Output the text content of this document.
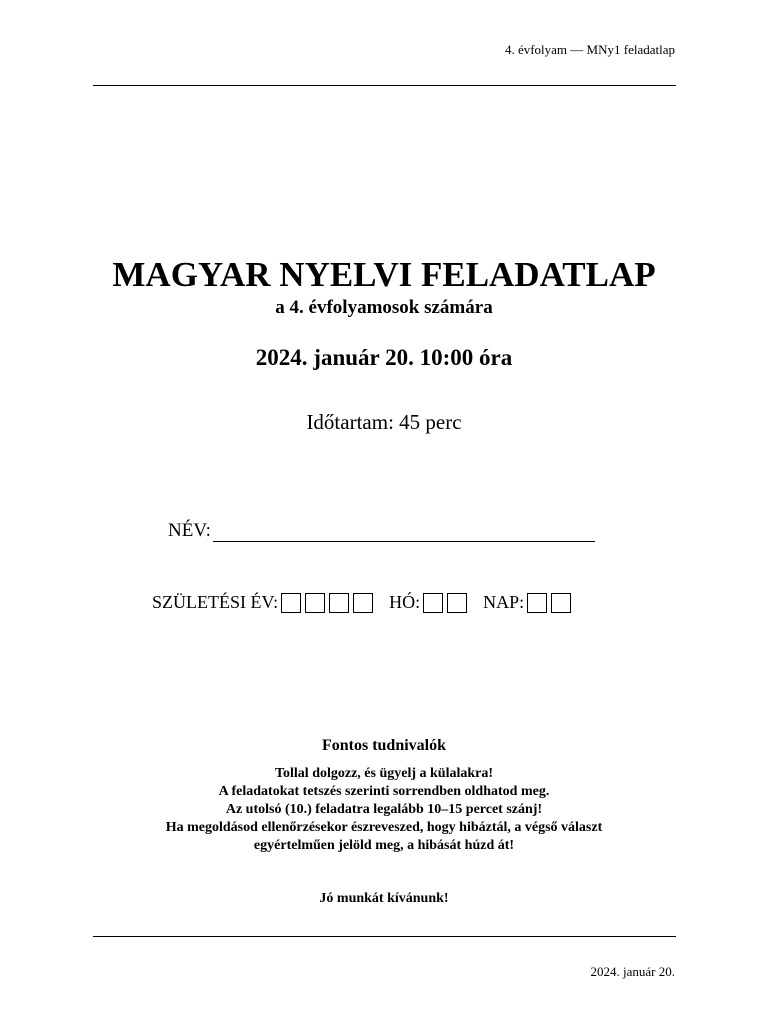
4. évfolyam — MNy1 feladatlap
MAGYAR NYELVI FELADATLAP
a 4. évfolyamosok számára
2024. január 20. 10:00 óra
Időtartam: 45 perc
NÉV:
SZÜLETÉSI ÉV:	HÓ:	NAP:
Fontos tudnivalók
Tollal dolgozz, és ügyelj a külalakra!
A feladatokat tetszés szerinti sorrendben oldhatod meg.
Az utolsó (10.) feladatra legalább 10–15 percet szánj!
Ha megoldásod ellenőrzésekor észreveszed, hogy hibáztál, a végső választ
egyértelműen jelöld meg, a hibását húzd át!
Jó munkát kívánunk!
2024. január 20.
